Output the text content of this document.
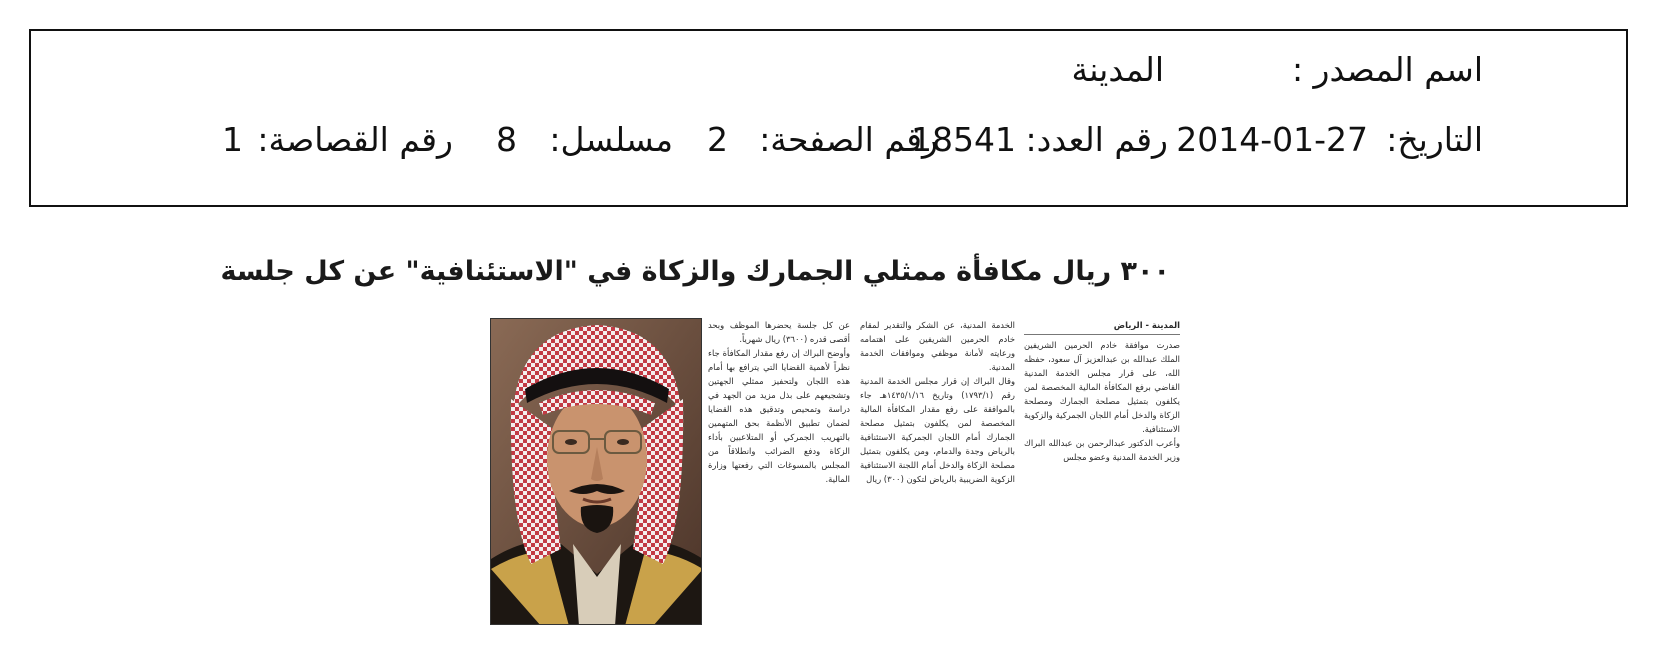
اسم المصدر :
المدينة
التاريخ:
2014-01-27
رقم العدد:
18541
رقم الصفحة:
2
مسلسل:
8
رقم القصاصة:
1
٣٠٠ ريال مكافأة ممثلي الجمارك والزكاة في "الاستئنافية" عن كل جلسة

المدينة - الرياض

صدرت موافقة خادم الحرمين الشريفين الملك عبدالله بن عبدالعزيز آل سعود، حفظه الله، على قرار مجلس الخدمة المدنية القاضي برفع المكافأة المالية المخصصة لمن يكلفون بتمثيل مصلحة الجمارك ومصلحة الزكاة والدخل أمام اللجان الجمركية والزكوية الاستئنافية.

وأعرب الدكتور عبدالرحمن بن عبدالله البراك وزير الخدمة المدنية وعضو مجلس

الخدمة المدنية، عن الشكر والتقدير لمقام خادم الحرمين الشريفين على اهتمامه ورعايته لأمانة موظفي وموافقات الخدمة المدنية.

وقال البراك إن قرار مجلس الخدمة المدنية رقم (١٧٩٣/١) وتاريخ ١٤٣٥/١/١٦هـ جاء بالموافقة على رفع مقدار المكافأة المالية المخصصة لمن يكلفون بتمثيل مصلحة الجمارك أمام اللجان الجمركية الاستئنافية بالرياض وجدة والدمام، ومن يكلفون بتمثيل مصلحة الزكاة والدخل أمام اللجنة الاستئنافية الزكوية الضريبية بالرياض لتكون (٣٠٠) ريال

عن كل جلسة يحضرها الموظف وبحد أقصى قدره (٣٦٠٠) ريال شهرياً.

وأوضح البراك إن رفع مقدار المكافأة جاء نظراً لأهمية القضايا التي يترافع بها أمام هذه اللجان ولتحفيز ممثلي الجهتين وتشجيعهم على بذل مزيد من الجهد في دراسة وتمحيص وتدقيق هذه القضايا لضمان تطبيق الأنظمة بحق المتهمين بالتهريب الجمركي أو المتلاعبين بأداء الزكاة ودفع الضرائب وانطلاقاً من المجلس بالمسوغات التي رفعتها وزارة المالية.
